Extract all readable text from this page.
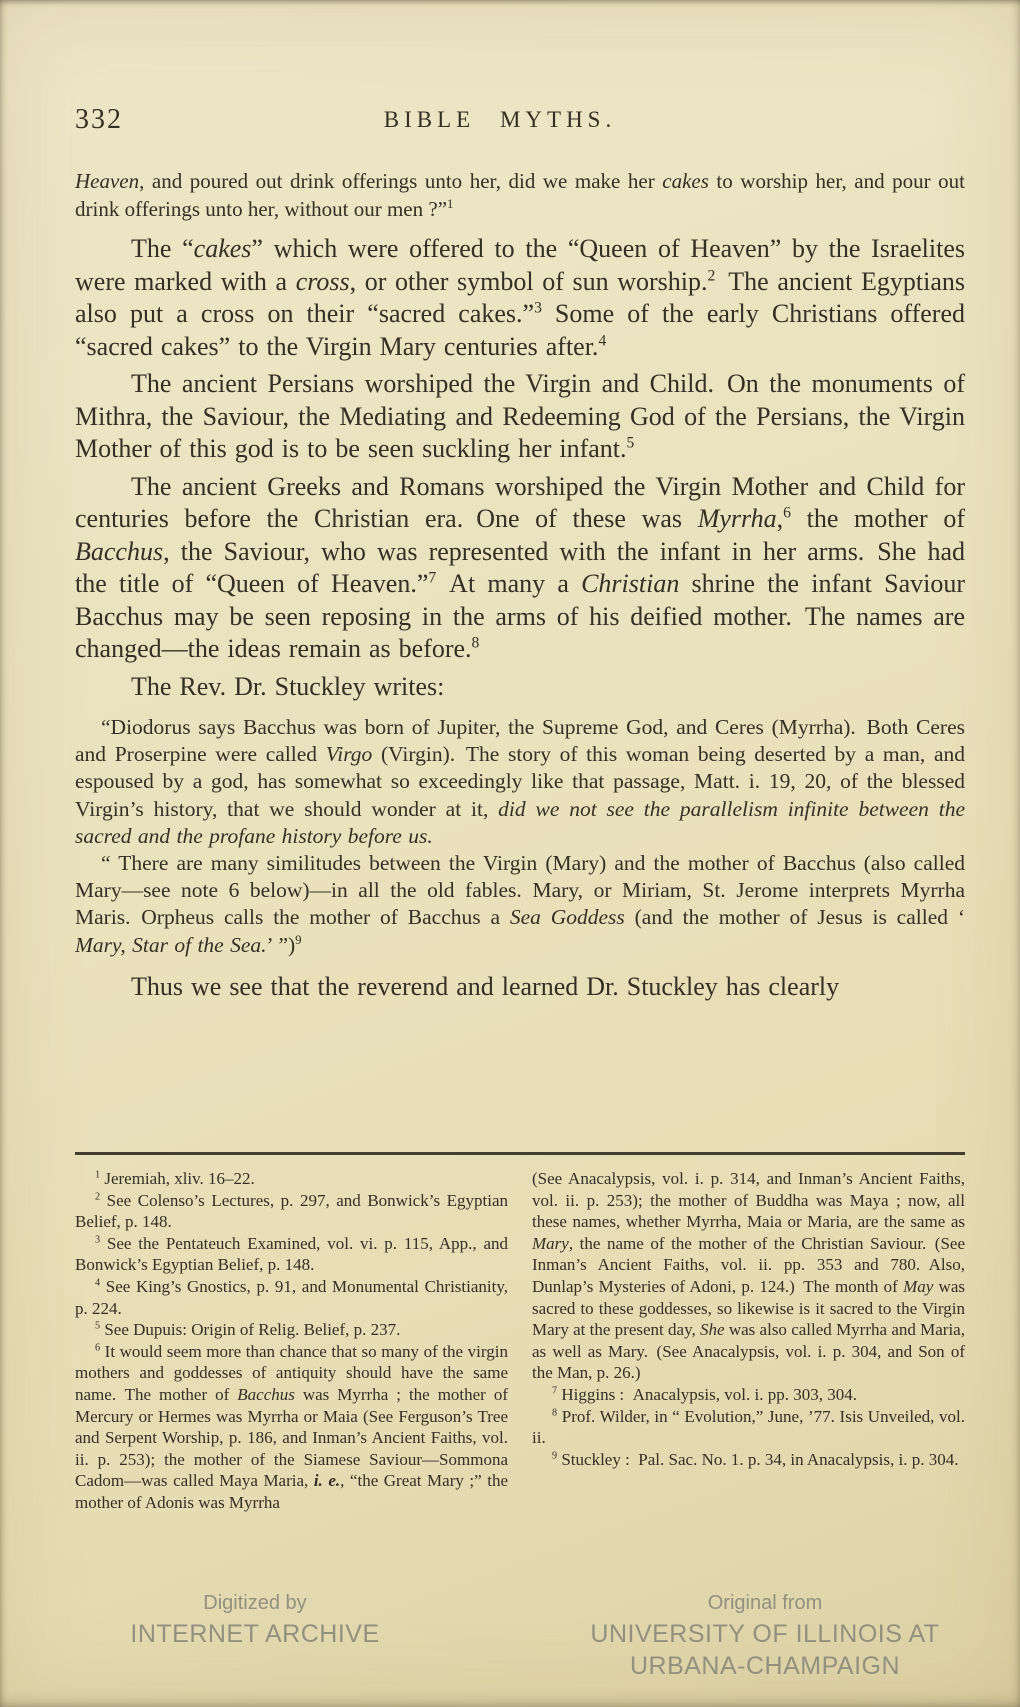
332	BIBLE MYTHS.

Heaven, and poured out drink offerings unto her, did we make her cakes to worship her, and pour out drink offerings unto her, without our men ?”$^1$

The “cakes” which were offered to the “Queen of Heaven” by the Israelites were marked with a cross, or other symbol of sun worship.$^2$ The ancient Egyptians also put a cross on their “sacred cakes.”$^3$ Some of the early Christians offered “sacred cakes” to the Virgin Mary centuries after.$^4$

The ancient Persians worshiped the Virgin and Child. On the monuments of Mithra, the Saviour, the Mediating and Redeeming God of the Persians, the Virgin Mother of this god is to be seen suckling her infant.$^5$

The ancient Greeks and Romans worshiped the Virgin Mother and Child for centuries before the Christian era. One of these was Myrrha,$^6$ the mother of Bacchus, the Saviour, who was represented with the infant in her arms. She had the title of “Queen of Heaven.”$^7$ At many a Christian shrine the infant Saviour Bacchus may be seen reposing in the arms of his deified mother. The names are changed—the ideas remain as before.$^8$

The Rev. Dr. Stuckley writes:

“Diodorus says Bacchus was born of Jupiter, the Supreme God, and Ceres (Myrrha). Both Ceres and Proserpine were called Virgo (Virgin). The story of this woman being deserted by a man, and espoused by a god, has somewhat so exceedingly like that passage, Matt. i. 19, 20, of the blessed Virgin’s history, that we should wonder at it, did we not see the parallelism infinite between the sacred and the profane history before us.

“ There are many similitudes between the Virgin (Mary) and the mother of Bacchus (also called Mary—see note 6 below)—in all the old fables. Mary, or Miriam, St. Jerome interprets Myrrha Maris. Orpheus calls the mother of Bacchus a Sea Goddess (and the mother of Jesus is called ‘ Mary, Star of the Sea.’ ”)$^9$

Thus we see that the reverend and learned Dr. Stuckley has clearly

$^1$ Jeremiah, xliv. 16–22.

$^2$ See Colenso’s Lectures, p. 297, and Bonwick’s Egyptian Belief, p. 148.

$^3$ See the Pentateuch Examined, vol. vi. p. 115, App., and Bonwick’s Egyptian Belief, p. 148.

$^4$ See King’s Gnostics, p. 91, and Monumental Christianity, p. 224.

$^5$ See Dupuis: Origin of Relig. Belief, p. 237.

$^6$ It would seem more than chance that so many of the virgin mothers and goddesses of antiquity should have the same name. The mother of Bacchus was Myrrha ; the mother of Mercury or Hermes was Myrrha or Maia (See Ferguson’s Tree and Serpent Worship, p. 186, and Inman’s Ancient Faiths, vol. ii. p. 253); the mother of the Siamese Saviour—Sommona Cadom—was called Maya Maria, i. e., “the Great Mary ;” the mother of Adonis was Myrrha

(See Anacalypsis, vol. i. p. 314, and Inman’s Ancient Faiths, vol. ii. p. 253); the mother of Buddha was Maya ; now, all these names, whether Myrrha, Maia or Maria, are the same as Mary, the name of the mother of the Christian Saviour. (See Inman’s Ancient Faiths, vol. ii. pp. 353 and 780. Also, Dunlap’s Mysteries of Adoni, p. 124.) The month of May was sacred to these goddesses, so likewise is it sacred to the Virgin Mary at the present day, She was also called Myrrha and Maria, as well as Mary. (See Anacalypsis, vol. i. p. 304, and Son of the Man, p. 26.)

$^7$ Higgins : Anacalypsis, vol. i. pp. 303, 304.

$^8$ Prof. Wilder, in “ Evolution,” June, ’77. Isis Unveiled, vol. ii.

$^9$ Stuckley : Pal. Sac. No. 1. p. 34, in Anacalypsis, i. p. 304.

Digitized by
INTERNET ARCHIVE
Original from
UNIVERSITY OF ILLINOIS AT
URBANA-CHAMPAIGN
